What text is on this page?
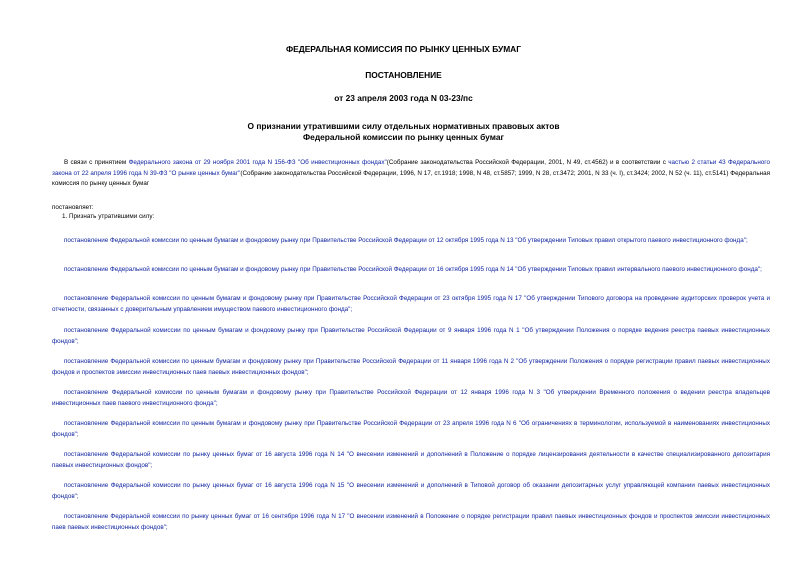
ФЕДЕРАЛЬНАЯ КОМИССИЯ ПО РЫНКУ ЦЕННЫХ БУМАГ
ПОСТАНОВЛЕНИЕ
от 23 апреля 2003 года N 03-23/пс
О признании утратившими силу отдельных нормативных правовых актов
Федеральной комиссии по рынку ценных бумаг
В связи с принятием Федерального закона от 29 ноября 2001 года N 156-ФЗ "Об инвестиционных фондах"(Собрание законодательства Российской Федерации, 2001, N 49, ст.4562) и в соответствии с частью 2 статьи 43 Федерального закона от 22 апреля 1996 года N 39-ФЗ "О рынке ценных бумаг"(Собрание законодательства Российской Федерации, 1996, N 17, ст.1918; 1998, N 48, ст.5857; 1999, N 28, ст.3472; 2001, N 33 (ч. I), ст.3424; 2002, N 52 (ч. 11), ст.5141) Федеральная комиссия по рынку ценных бумаг
постановляет:
1. Признать утратившими силу:
постановление Федеральной комиссии по ценным бумагам и фондовому рынку при Правительстве Российской Федерации от 12 октября 1995 года N 13 "Об утверждении Типовых правил открытого паевого инвестиционного фонда";
постановление Федеральной комиссии по ценным бумагам и фондовому рынку при Правительстве Российской Федерации от 16 октября 1995 года N 14 "Об утверждении Типовых правил интервального паевого инвестиционного фонда";
постановление Федеральной комиссии по ценным бумагам и фондовому рынку при Правительстве Российской Федерации от 23 октября 1995 года N 17 "Об утверждении Типового договора на проведение аудиторских проверок учета и отчетности, связанных с доверительным управлением имуществом паевого инвестиционного фонда";
постановление Федеральной комиссии по ценным бумагам и фондовому рынку при Правительстве Российской Федерации от 9 января 1996 года N 1 "Об утверждении Положения о порядке ведения реестра паевых инвестиционных фондов";
постановление Федеральной комиссии по ценным бумагам и фондовому рынку при Правительстве Российской Федерации от 11 января 1996 года N 2 "Об утверждении Положения о порядке регистрации правил паевых инвестиционных фондов и проспектов эмиссии инвестиционных паев паевых инвестиционных фондов";
постановление Федеральной комиссии по ценным бумагам и фондовому рынку при Правительстве Российской Федерации от 12 января 1996 года N 3 "Об утверждении Временного положения о ведении реестра владельцев инвестиционных паев паевого инвестиционного фонда";
постановление Федеральной комиссии по ценным бумагам и фондовому рынку при Правительстве Российской Федерации от 23 апреля 1996 года N 6 "Об ограничениях в терминологии, используемой в наименованиях инвестиционных фондов";
постановление Федеральной комиссии по рынку ценных бумаг от 16 августа 1996 года N 14 "О внесении изменений и дополнений в Положение о порядке лицензирования деятельности в качестве специализированного депозитария паевых инвестиционных фондов";
постановление Федеральной комиссии по рынку ценных бумаг от 16 августа 1996 года N 15 "О внесении изменений и дополнений в Типовой договор об оказании депозитарных услуг управляющей компании паевых инвестиционных фондов";
постановление Федеральной комиссии по рынку ценных бумаг от 16 сентября 1996 года N 17 "О внесении изменений в Положение о порядке регистрации правил паевых инвестиционных фондов и проспектов эмиссии инвестиционных паев паевых инвестиционных фондов";
